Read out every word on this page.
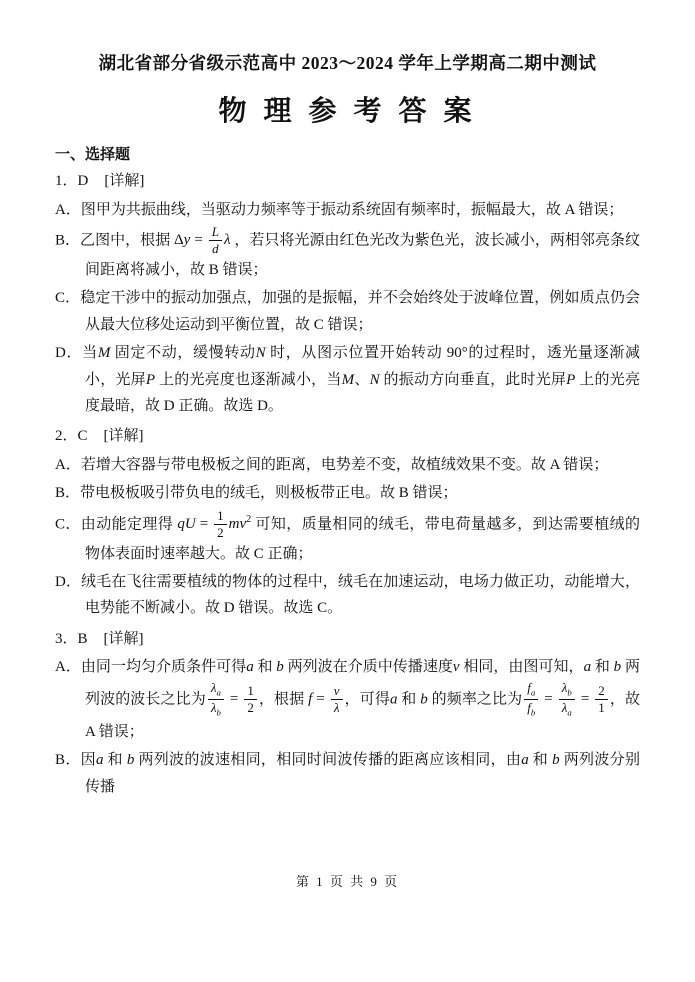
湖北省部分省级示范高中 2023～2024 学年上学期高二期中测试
物 理 参 考 答 案
一、选择题

1．D [详解]

A．图甲为共振曲线，当驱动力频率等于振动系统固有频率时，振幅最大，故 A 错误；

B．乙图中，根据 $\Delta y = \frac{L}{d}$ λ ，若只将光源由红色光改为紫色光，波长减小，两相邻亮条纹间距离将减小，故 B 错误；

C．稳定干涉中的振动加强点，加强的是振幅，并不会始终处于波峰位置，例如质点仍会从最大位移处运动到平衡位置，故 C 错误；

D．当M 固定不动，缓慢转动N 时，从图示位置开始转动 90°的过程时，透光量逐渐减小，光屏P 上的光亮度也逐渐减小，当M、N 的振动方向垂直，此时光屏P 上的光亮度最暗，故 D 正确。故选 D。

2．C [详解]

A．若增大容器与带电极板之间的距离，电势差不变，故植绒效果不变。故 A 错误；

B．带电极板吸引带负电的绒毛，则极板带正电。故 B 错误；

C．由动能定理得 qU = $\frac{1}{2} mv^2$ 可知，质量相同的绒毛，带电荷量越多，到达需要植绒的物体表面时速率越大。故 C 正确；

D．绒毛在飞往需要植绒的物体的过程中，绒毛在加速运动，电场力做正功，动能增大，电势能不断减小。故 D 错误。故选 C。

3．B [详解]

A．由同一均匀介质条件可得a 和 b 两列波在介质中传播速度v 相同，由图可知，a 和 b 两列波的波长之比为 $\frac{\lambda_a}{\lambda_b} = \frac{1}{2}$ ，根据 $f = \frac{v}{\lambda}$ ，可得a 和 b 的频率之比为 $\frac{f_a}{f_b} = \frac{\lambda_b}{\lambda_a} = \frac{2}{1}$ ，故 A 错误；

B．因a 和 b 两列波的波速相同，相同时间波传播的距离应该相同，由a 和 b 两列波分别传播

第 1 页 共 9 页
